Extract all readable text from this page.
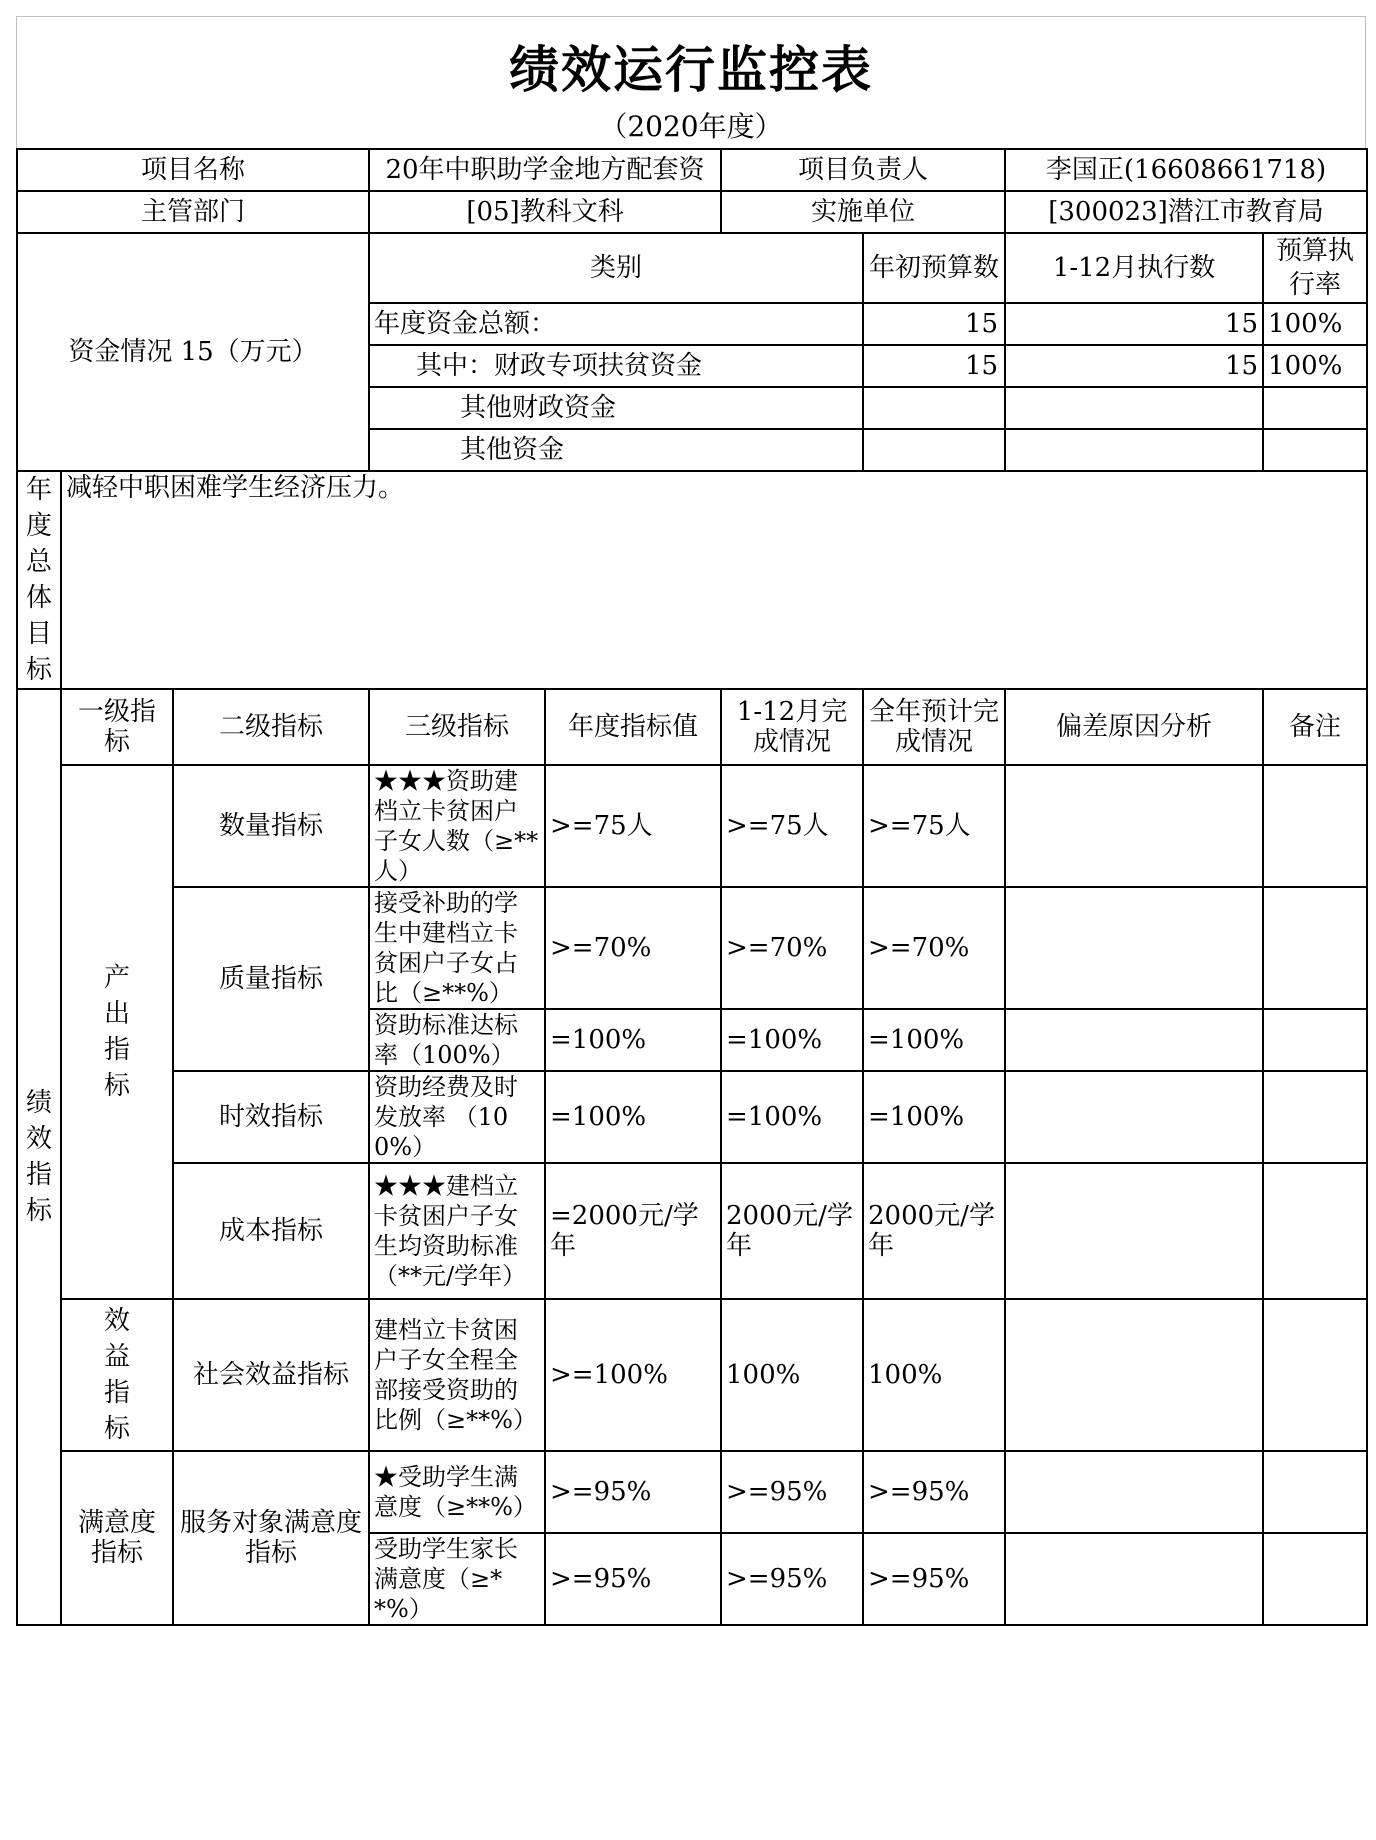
绩效运行监控表
（2020年度）
项目名称			20年中职助学金地方配套资		项目负责人		李国正(16608661718)	
主管部门			[05]教科文科		实施单位		[300023]潜江市教育局	
资金情况 15（万元）			类别			年初预算数	1-12月执行数	预算执行率
			年度资金总额：			15	15	100%
			其中：财政专项扶贫资金			15	15	100%
			其他财政资金					
			其他资金					

年度总体目标	减轻中职困难学生经济压力。							

绩效指标	一级指标	二级指标	三级指标	年度指标值	1-12月完成情况	全年预计完成情况	偏差原因分析	备注

	产出指标	数量指标	★★★资助建档立卡贫困户子女人数（≥**人）	>=75人	>=75人	>=75人		
		质量指标	接受补助的学生中建档立卡贫困户子女占比（≥**%）	>=70%	>=70%	>=70%		
			资助标准达标率（100%）	=100%	=100%	=100%		
		时效指标	资助经费及时发放率 （100%）	=100%	=100%	=100%		
		成本指标	★★★建档立卡贫困户子女生均资助标准（**元/学年）	=2000元/学年	2000元/学年	2000元/学年		

	效益指标	社会效益指标	建档立卡贫困户子女全程全部接受资助的比例（≥**%）	>=100%	100%	100%		
	满意度指标	服务对象满意度指标	★受助学生满意度（≥**%）	>=95%	>=95%	>=95%		
			受助学生家长满意度（≥**%）	>=95%	>=95%	>=95%		
